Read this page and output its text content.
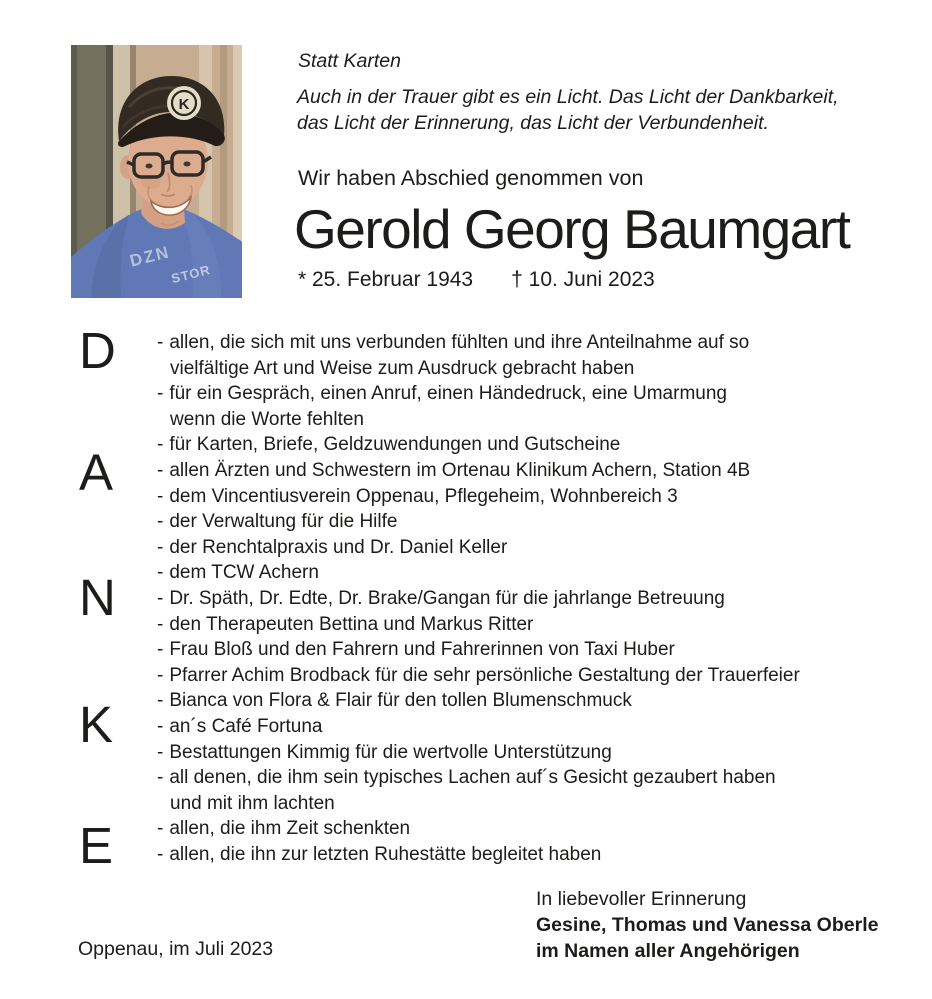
DZN
STOR
K
Statt Karten
Auch in der Trauer gibt es ein Licht. Das Licht der Dankbarkeit,
das Licht der Erinnerung, das Licht der Verbundenheit.
Wir haben Abschied genommen von
Gerold Georg Baumgart
* 25. Februar 1943 † 10. Juni 2023
D
A
N
K
E
- allen, die sich mit uns verbunden fühlten und ihre Anteilnahme auf so
vielfältige Art und Weise zum Ausdruck gebracht haben
- für ein Gespräch, einen Anruf, einen Händedruck, eine Umarmung
wenn die Worte fehlten
- für Karten, Briefe, Geldzuwendungen und Gutscheine
- allen Ärzten und Schwestern im Ortenau Klinikum Achern, Station 4B
- dem Vincentiusverein Oppenau, Pflegeheim, Wohnbereich 3
- der Verwaltung für die Hilfe
- der Renchtalpraxis und Dr. Daniel Keller
- dem TCW Achern
- Dr. Späth, Dr. Edte, Dr. Brake/Gangan für die jahrlange Betreuung
- den Therapeuten Bettina und Markus Ritter
- Frau Bloß und den Fahrern und Fahrerinnen von Taxi Huber
- Pfarrer Achim Brodback für die sehr persönliche Gestaltung der Trauerfeier
- Bianca von Flora & Flair für den tollen Blumenschmuck
- an´s Café Fortuna
- Bestattungen Kimmig für die wertvolle Unterstützung
- all denen, die ihm sein typisches Lachen auf´s Gesicht gezaubert haben
und mit ihm lachten
- allen, die ihm Zeit schenkten
- allen, die ihn zur letzten Ruhestätte begleitet haben
Oppenau, im Juli 2023
In liebevoller Erinnerung
Gesine, Thomas und Vanessa Oberle
im Namen aller Angehörigen
